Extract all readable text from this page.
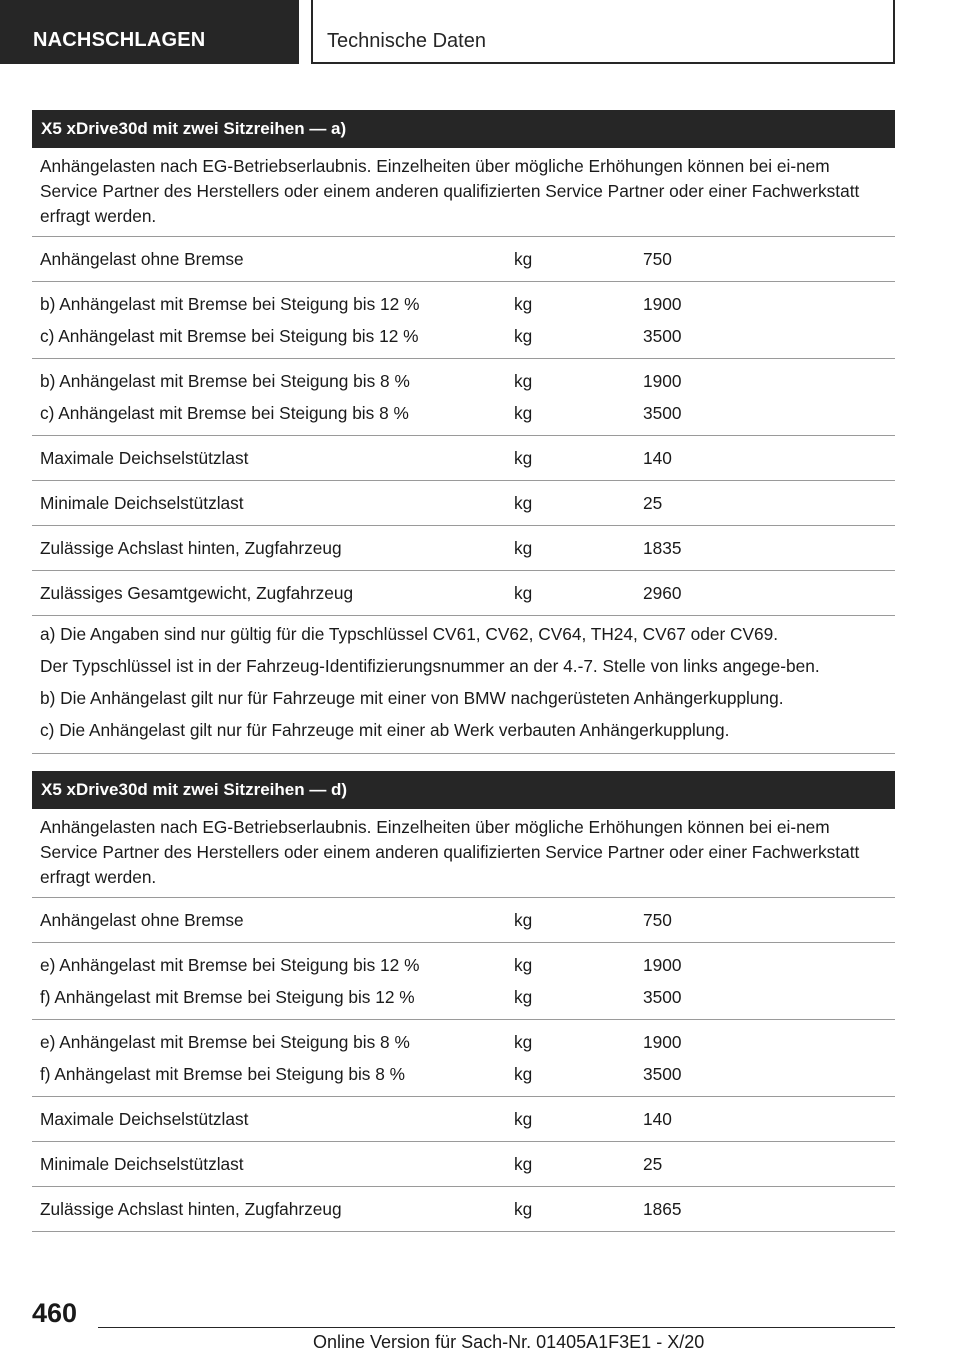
NACHSCHLAGEN	Technische Daten
X5 xDrive30d mit zwei Sitzreihen — a)
Anhängelasten nach EG-Betriebserlaubnis. Einzelheiten über mögliche Erhöhungen können bei ei-nem Service Partner des Herstellers oder einem anderen qualifizierten Service Partner oder einer Fachwerkstatt erfragt werden.
Anhängelast ohne Bremse	kg	750
b) Anhängelast mit Bremse bei Steigung bis 12 %	kg	1900
c) Anhängelast mit Bremse bei Steigung bis 12 %	kg	3500
b) Anhängelast mit Bremse bei Steigung bis 8 %	kg	1900
c) Anhängelast mit Bremse bei Steigung bis 8 %	kg	3500
Maximale Deichselstützlast	kg	140
Minimale Deichselstützlast	kg	25
Zulässige Achslast hinten, Zugfahrzeug	kg	1835
Zulässiges Gesamtgewicht, Zugfahrzeug	kg	2960

a) Die Angaben sind nur gültig für die Typschlüssel CV61, CV62, CV64, TH24, CV67 oder CV69.

Der Typschlüssel ist in der Fahrzeug-Identifizierungsnummer an der 4.-7. Stelle von links angege-ben.

b) Die Anhängelast gilt nur für Fahrzeuge mit einer von BMW nachgerüsteten Anhängerkupplung.

c) Die Anhängelast gilt nur für Fahrzeuge mit einer ab Werk verbauten Anhängerkupplung.

X5 xDrive30d mit zwei Sitzreihen — d)
Anhängelasten nach EG-Betriebserlaubnis. Einzelheiten über mögliche Erhöhungen können bei ei-nem Service Partner des Herstellers oder einem anderen qualifizierten Service Partner oder einer Fachwerkstatt erfragt werden.
Anhängelast ohne Bremse	kg	750
e) Anhängelast mit Bremse bei Steigung bis 12 %	kg	1900
f) Anhängelast mit Bremse bei Steigung bis 12 %	kg	3500
e) Anhängelast mit Bremse bei Steigung bis 8 %	kg	1900
f) Anhängelast mit Bremse bei Steigung bis 8 %	kg	3500
Maximale Deichselstützlast	kg	140
Minimale Deichselstützlast	kg	25
Zulässige Achslast hinten, Zugfahrzeug	kg	1865
460
Online Version für Sach-Nr. 01405A1F3E1 - X/20
